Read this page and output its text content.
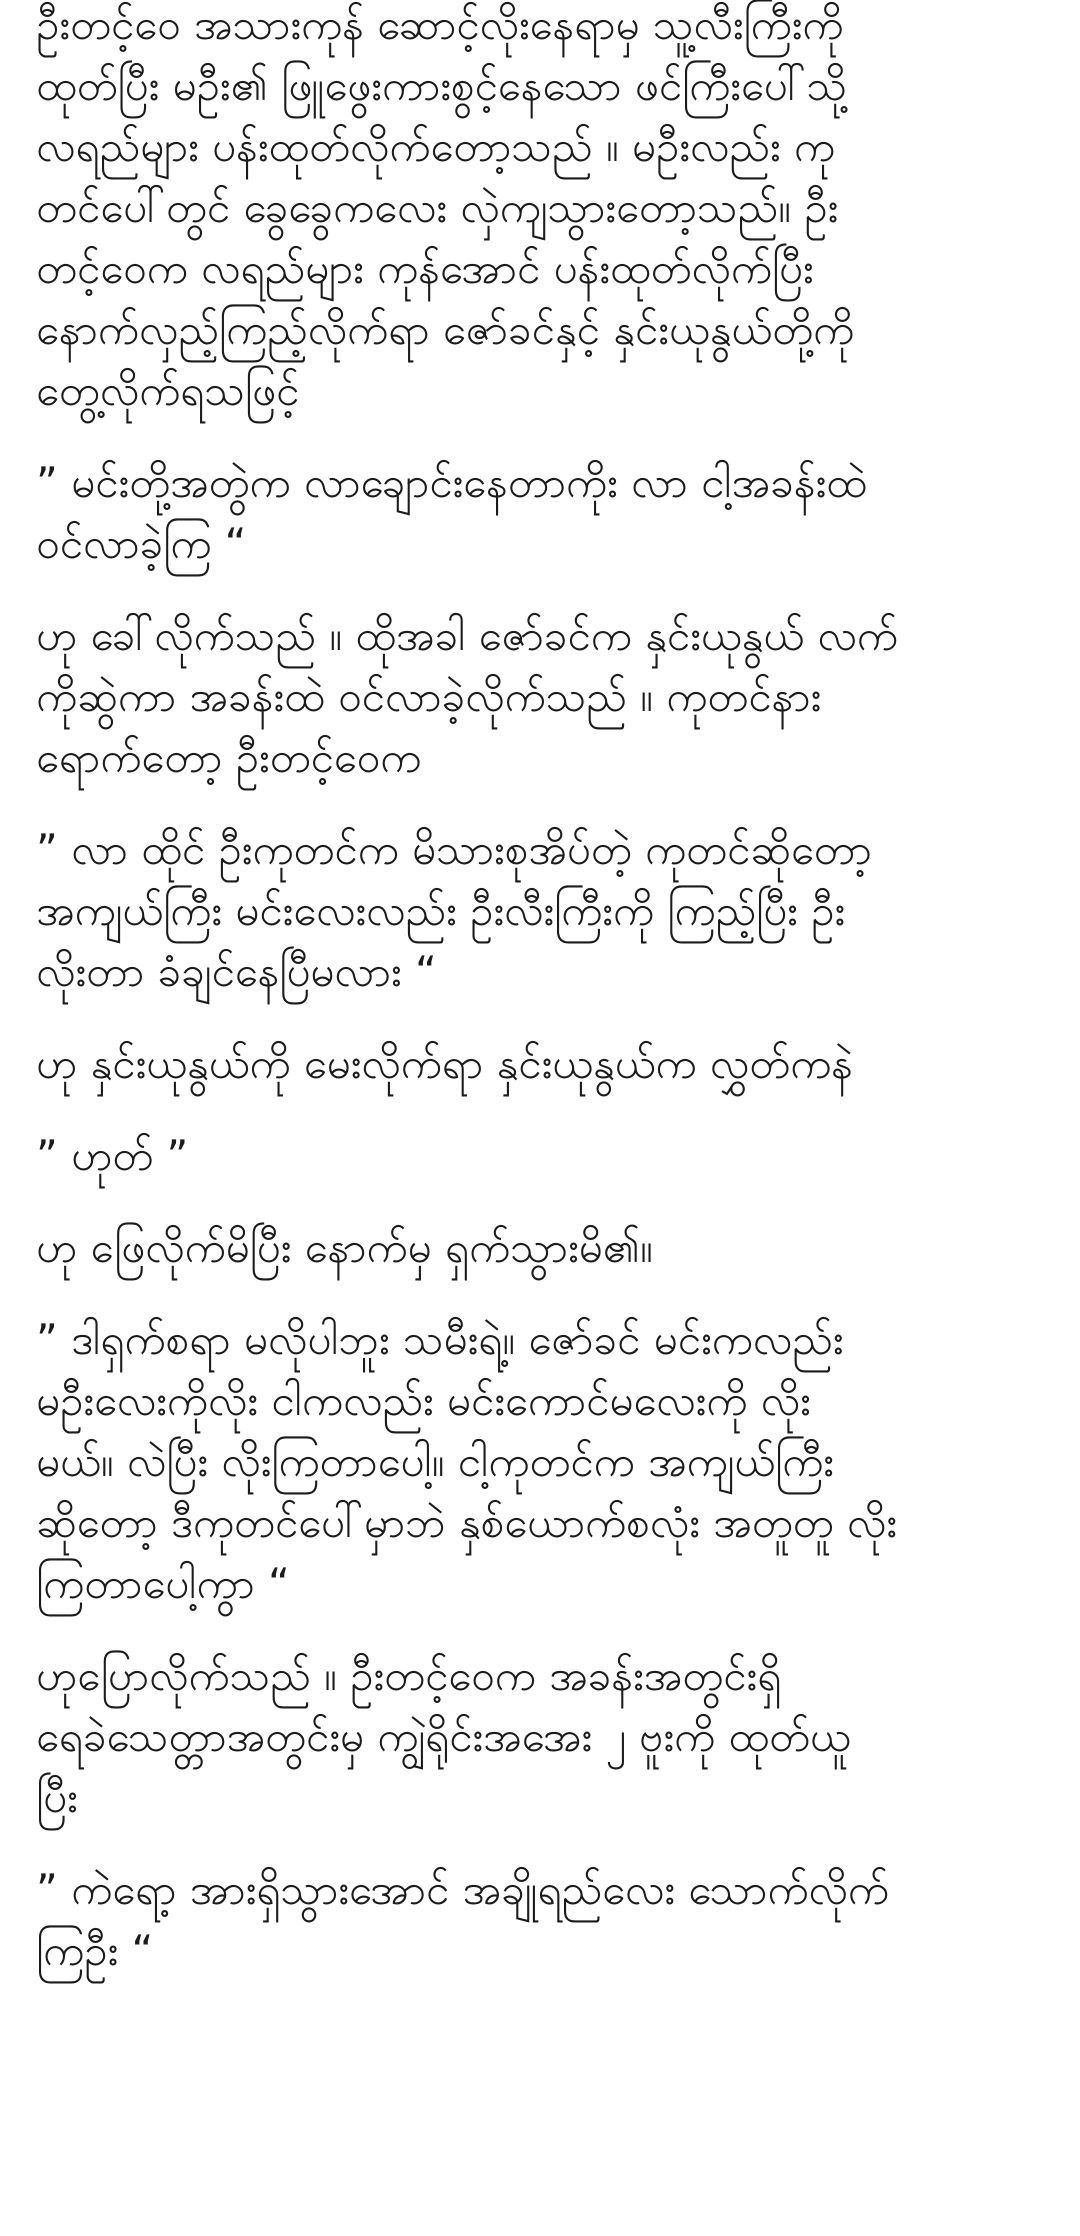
ဦးတင့်ဝေ အသားကုန် ဆောင့်လိုးနေရာမှ သူ့လီးကြီးကို
ထုတ်ပြီး မဦး၏ ဖြူဖွေးကားစွင့်နေသော ဖင်ကြီးပေါ်သို့
လရည်များ ပန်းထုတ်လိုက်တော့သည် ။ မဦးလည်း ကု
တင်ပေါ်တွင် ခွေခွေကလေး လှဲကျသွားတော့သည်။ ဦး
တင့်ဝေက လရည်များ ကုန်အောင် ပန်းထုတ်လိုက်ပြီး
နောက်လှည့်ကြည့်လိုက်ရာ ဇော်ခင်နှင့် နှင်းယုနွယ်တို့ကို
တွေ့လိုက်ရသဖြင့်

” မင်းတို့အတွဲက လာချောင်းနေတာကိုး လာ ငါ့အခန်းထဲ
ဝင်လာခဲ့ကြ “

ဟု ခေါ်လိုက်သည် ။ ထိုအခါ ဇော်ခင်က နှင်းယုနွယ် လက်
ကိုဆွဲကာ အခန်းထဲ ဝင်လာခဲ့လိုက်သည် ။ ကုတင်နား
ရောက်တော့ ဦးတင့်ဝေက

” လာ ထိုင် ဦးကုတင်က မိသားစုအိပ်တဲ့ ကုတင်ဆိုတော့
အကျယ်ကြီး မင်းလေးလည်း ဦးလီးကြီးကို ကြည့်ပြီး ဦး
လိုးတာ ခံချင်နေပြီမလား “

ဟု နှင်းယုနွယ်ကို မေးလိုက်ရာ နှင်းယုနွယ်က လွှတ်ကနဲ

” ဟုတ် ”

ဟု ဖြေလိုက်မိပြီး နောက်မှ ရှက်သွားမိ၏။

” ဒါရှက်စရာ မလိုပါဘူး သမီးရဲ့။ ဇော်ခင် မင်းကလည်း
မဦးလေးကိုလိုး ငါကလည်း မင်းကောင်မလေးကို လိုး
မယ်။ လဲပြီး လိုးကြတာပေါ့။ ငါ့ကုတင်က အကျယ်ကြီး
ဆိုတော့ ဒီကုတင်ပေါ်မှာဘဲ နှစ်ယောက်စလုံး အတူတူ လိုး
ကြတာပေါ့ကွာ “

ဟုပြောလိုက်သည် ။ ဦးတင့်ဝေက အခန်းအတွင်းရှိ
ရေခဲသေတ္တာအတွင်းမှ ကျွဲရိုင်းအအေး ၂ ဗူးကို ထုတ်ယူ
ပြီး

” ကဲရော့ အားရှိသွားအောင် အချိုရည်လေး သောက်လိုက်
ကြဦး “
